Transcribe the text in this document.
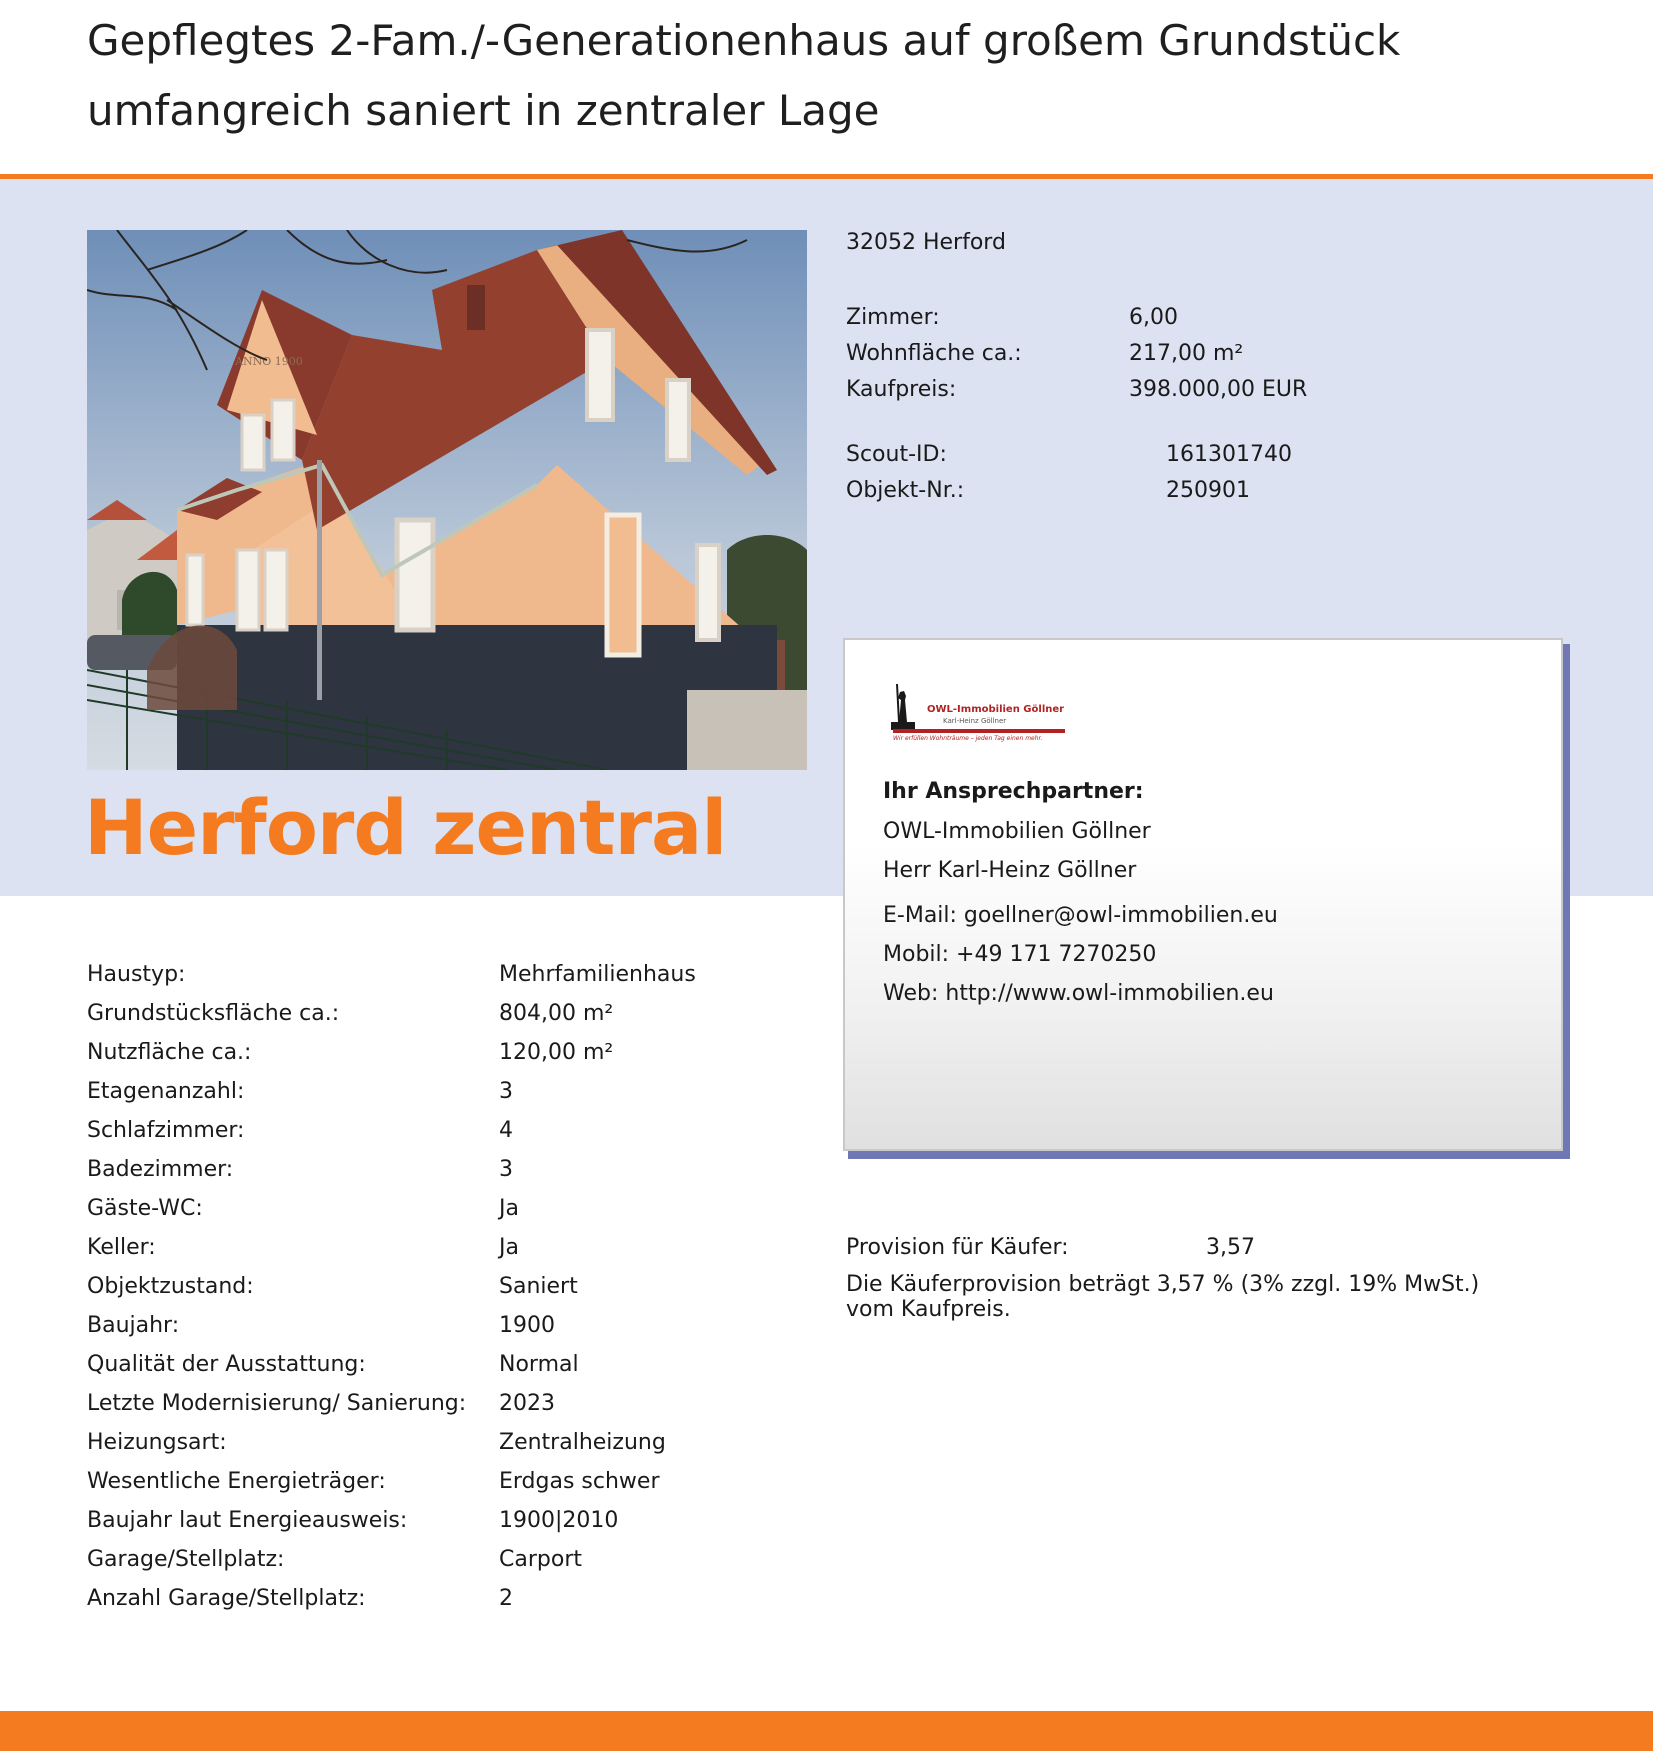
Gepflegtes 2-Fam./-Generationenhaus auf großem Grundstück
umfangreich saniert in zentraler Lage
ANNO 1900
Herford zentral
32052 Herford
Zimmer:	6,00
Wohnfläche ca.:	217,00 m²
Kaufpreis:	398.000,00 EUR
Scout-ID:	161301740
Objekt-Nr.:	250901
OWL-Immobilien Göllner
Karl-Heinz Göllner
Wir erfüllen Wohnträume – jeden Tag einen mehr.
Ihr Ansprechpartner:
OWL-Immobilien Göllner
Herr Karl-Heinz Göllner
E-Mail: goellner@owl-immobilien.eu
Mobil: +49 171 7270250
Web: http://www.owl-immobilien.eu
Haustyp:	Mehrfamilienhaus
Grundstücksfläche ca.:	804,00 m²
Nutzfläche ca.:	120,00 m²
Etagenanzahl:	3
Schlafzimmer:	4
Badezimmer:	3
Gäste-WC:	Ja
Keller:	Ja
Objektzustand:	Saniert
Baujahr:	1900
Qualität der Ausstattung:	Normal
Letzte Modernisierung/ Sanierung: 2023
Heizungsart:	Zentralheizung
Wesentliche Energieträger:	Erdgas schwer
Baujahr laut Energieausweis:	1900|2010
Garage/Stellplatz:	Carport
Anzahl Garage/Stellplatz:	2
Provision für Käufer:	3,57
Die Käuferprovision beträgt 3,57 % (3% zzgl. 19% MwSt.) vom Kaufpreis.
